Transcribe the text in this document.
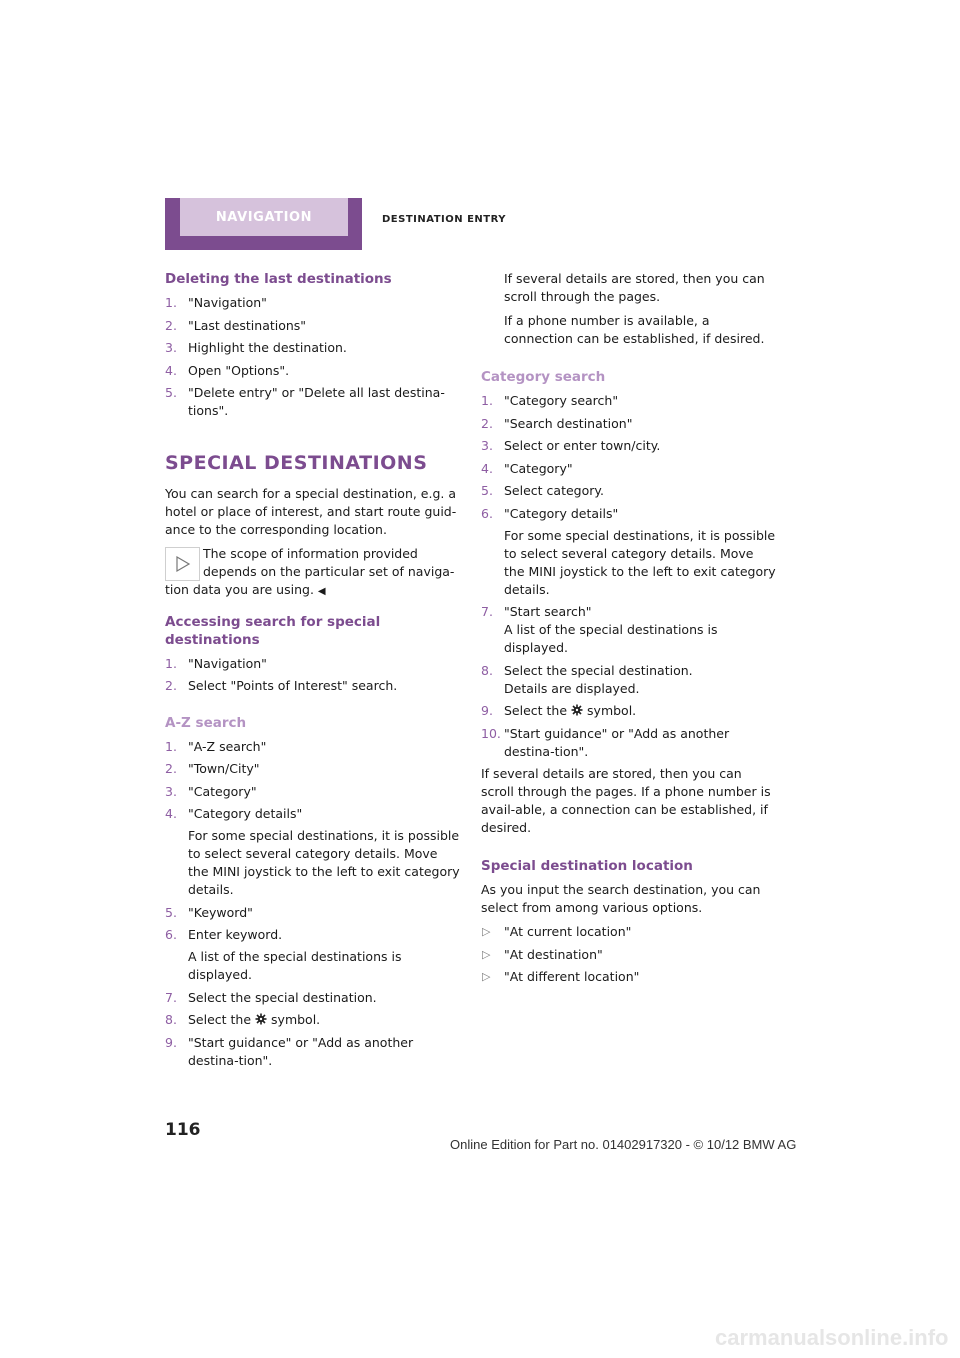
NAVIGATION	DESTINATION ENTRY
Deleting the last destinations
1. "Navigation"
2. "Last destinations"
3. Highlight the destination.
4. Open "Options".
5. "Delete entry" or "Delete all last destina-tions".
SPECIAL DESTINATIONS

You can search for a special destination, e.g. a hotel or place of interest, and start route guid-ance to the corresponding location.

The scope of information provided depends on the particular set of naviga-tion data you are using. ◀
Accessing search for special destinations
1. "Navigation"
2. Select "Points of Interest" search.
A-Z search
1. "A-Z search"
2. "Town/City"
3. "Category"
4. "Category details"
For some special destinations, it is possible to select several category details. Move the MINI joystick to the left to exit category details.
5. "Keyword"
6. Enter keyword.
A list of the special destinations is displayed.
7. Select the special destination.
8. Select the symbol.
9. "Start guidance" or "Add as another destina-tion".

If several details are stored, then you can scroll through the pages.

If a phone number is available, a connection can be established, if desired.

Category search
1. "Category search"
2. "Search destination"
3. Select or enter town/city.
4. "Category"
5. Select category.
6. "Category details"
For some special destinations, it is possible to select several category details. Move the MINI joystick to the left to exit category details.
7. "Start search"
A list of the special destinations is displayed.
8. Select the special destination.
Details are displayed.
9. Select the symbol.
10. "Start guidance" or "Add as another destina-tion".

If several details are stored, then you can scroll through the pages. If a phone number is avail-able, a connection can be established, if desired.

Special destination location

As you input the search destination, you can select from among various options.

▷ "At current location"
▷ "At destination"
▷ "At different location"
116
Online Edition for Part no. 01402917320 - © 10/12 BMW AG
carmanualsonline.info
